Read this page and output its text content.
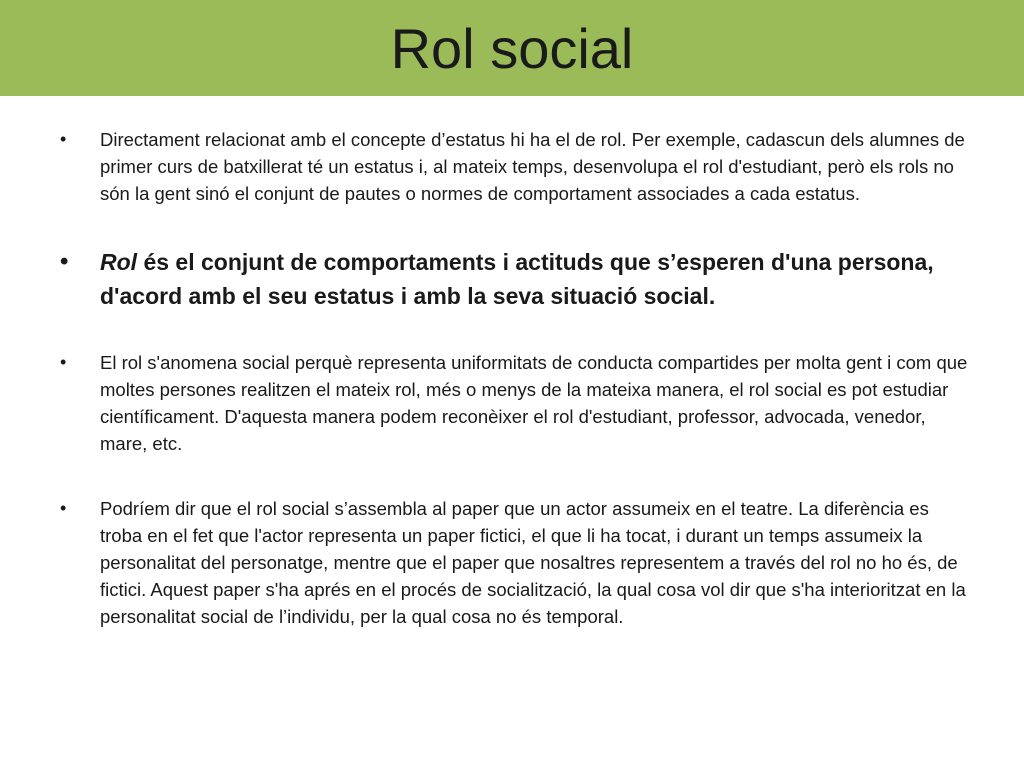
Rol social
•	Directament relacionat amb el concepte d’estatus hi ha el de rol. Per exemple, cadascun dels alumnes de primer curs de batxillerat té un estatus i, al mateix temps, desenvolupa el rol d'estudiant, però els rols no són la gent sinó el conjunt de pautes o normes de comportament associades a cada estatus.
•	Rol és el conjunt de comportaments i actituds que s’esperen d'una persona, d'acord amb el seu estatus i amb la seva situació social.
•	El rol s'anomena social perquè representa uniformitats de conducta compartides per molta gent i com que moltes persones realitzen el mateix rol, més o menys de la mateixa manera, el rol social es pot estudiar científicament. D'aquesta manera podem reconèixer el rol d'estudiant, professor, advocada, venedor, mare, etc.
•	Podríem dir que el rol social s’assembla al paper que un actor assumeix en el teatre. La diferència es troba en el fet que l'actor representa un paper fictici, el que li ha tocat, i durant un temps assumeix la personalitat del personatge, mentre que el paper que nosaltres representem a través del rol no ho és, de fictici. Aquest paper s'ha aprés en el procés de socialització, la qual cosa vol dir que s'ha interioritzat en la personalitat social de l’individu, per la qual cosa no és temporal.
